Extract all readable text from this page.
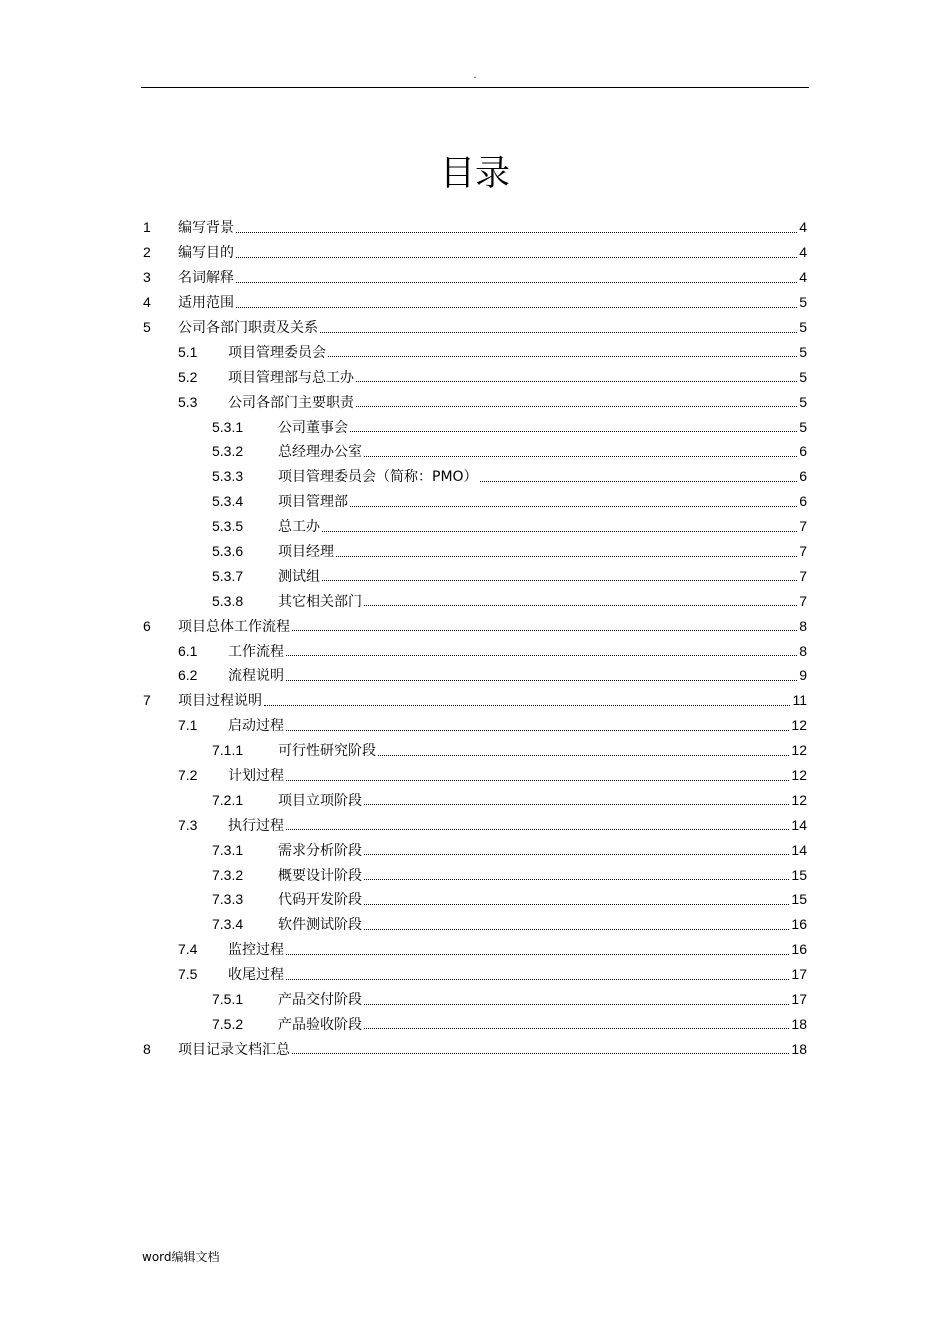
.
目录
1	编写背景	4
2	编写目的	4
3	名词解释	4
4	适用范围	5
5	公司各部门职责及关系	5
5.1	项目管理委员会	5
5.2	项目管理部与总工办	5
5.3	公司各部门主要职责	5
5.3.1	公司董事会	5
5.3.2	总经理办公室	6
5.3.3	项目管理委员会（简称：PMO）	6
5.3.4	项目管理部	6
5.3.5	总工办	7
5.3.6	项目经理	7
5.3.7	测试组	7
5.3.8	其它相关部门	7
6	项目总体工作流程	8
6.1	工作流程	8
6.2	流程说明	9
7	项目过程说明	11
7.1	启动过程	12
7.1.1	可行性研究阶段	12
7.2	计划过程	12
7.2.1	项目立项阶段	12
7.3	执行过程	14
7.3.1	需求分析阶段	14
7.3.2	概要设计阶段	15
7.3.3	代码开发阶段	15
7.3.4	软件测试阶段	16
7.4	监控过程	16
7.5	收尾过程	17
7.5.1	产品交付阶段	17
7.5.2	产品验收阶段	18
8	项目记录文档汇总	18
word编辑文档
